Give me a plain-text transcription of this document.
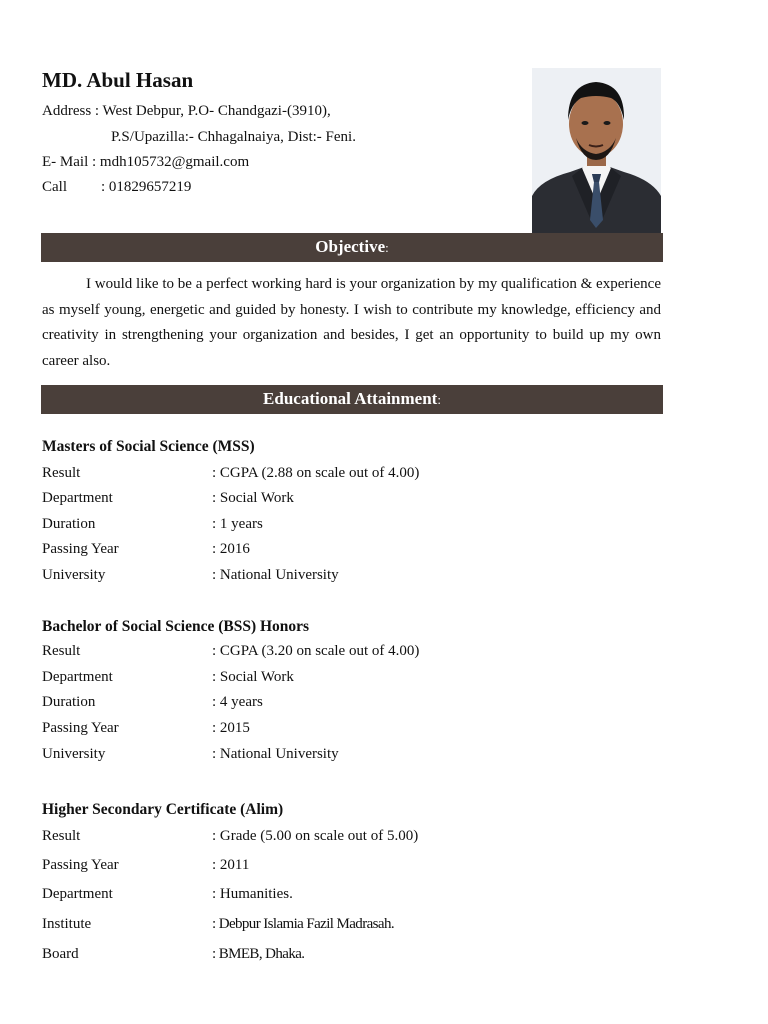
MD. Abul Hasan
Address : West Debpur, P.O- Chandgazi-(3910),
P.S/Upazilla:- Chhagalnaiya, Dist:- Feni.
E- Mail : mdh105732@gmail.com
Call : 01829657219
Objective:
I would like to be a perfect working hard is your organization by my qualification & experience as myself young, energetic and guided by honesty. I wish to contribute my knowledge, efficiency and creativity in strengthening your organization and besides, I get an opportunity to build up my own career also.
Educational Attainment:
Masters of Social Science (MSS)
Result	: CGPA (2.88 on scale out of 4.00)
Department	: Social Work
Duration	: 1 years
Passing Year	: 2016
University	: National University
Bachelor of Social Science (BSS) Honors
Result	: CGPA (3.20 on scale out of 4.00)
Department	: Social Work
Duration	: 4 years
Passing Year	: 2015
University	: National University
Higher Secondary Certificate (Alim)
Result	: Grade (5.00 on scale out of 5.00)
Passing Year	: 2011
Department	: Humanities.
Institute	: Debpur Islamia Fazil Madrasah.
Board	: BMEB, Dhaka.
